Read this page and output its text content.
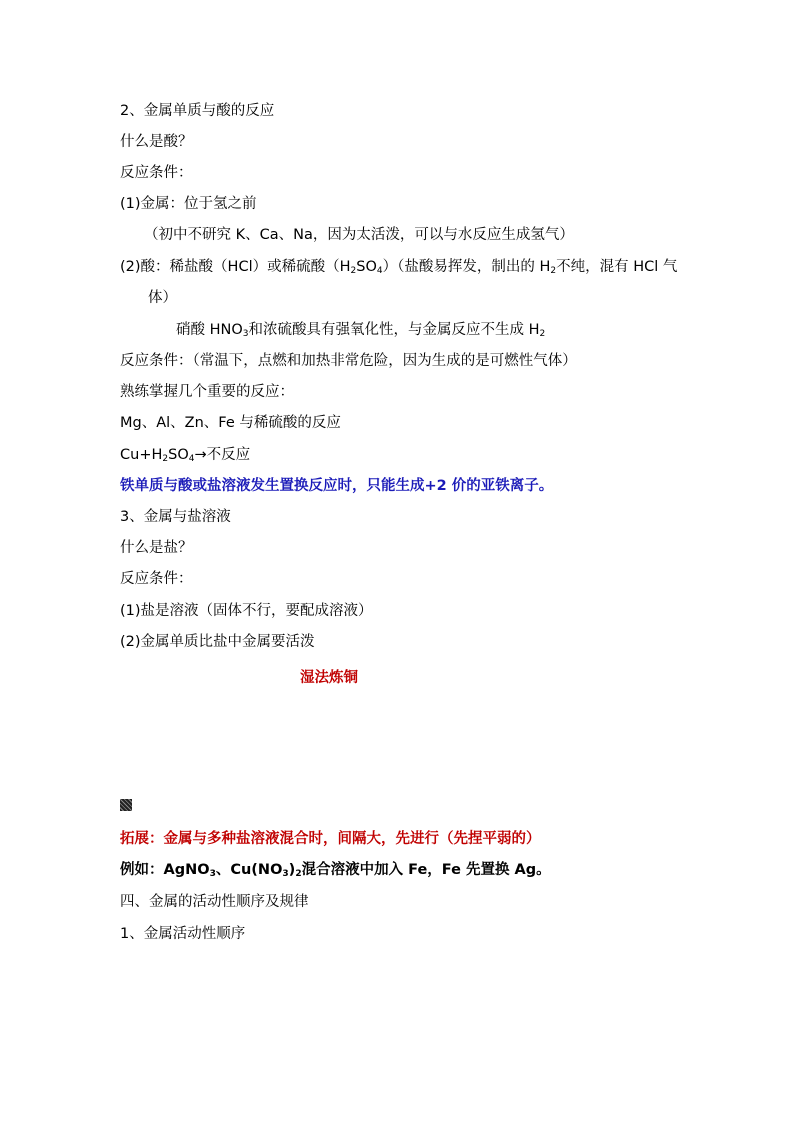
2、金属单质与酸的反应
什么是酸？
反应条件：
(1)金属：位于氢之前
（初中不研究 K、Ca、Na，因为太活泼，可以与水反应生成氢气）
(2)酸：稀盐酸（HCl）或稀硫酸$(H_2SO_4)$（盐酸易挥发，制出的 $H_2$不纯，混有 HCl 气
体）
硝酸 $HNO_3$和浓硫酸具有强氧化性，与金属反应不生成 $H_2$
反应条件：（常温下，点燃和加热非常危险，因为生成的是可燃性气体）
熟练掌握几个重要的反应：
Mg、Al、Zn、Fe 与稀硫酸的反应
$Cu+H_2SO_4\to$不反应
铁单质与酸或盐溶液发生置换反应时，只能生成+2 价的亚铁离子。
3、金属与盐溶液
什么是盐？
反应条件：
(1)盐是溶液（固体不行，要配成溶液）
(2)金属单质比盐中金属要活泼
湿法炼铜
拓展：金属与多种盐溶液混合时，间隔大，先进行（先捏平弱的）
例如：AgNO$_3$、$Cu(NO_3)_2$混合溶液中加入 Fe，Fe 先置换 Ag。
四、金属的活动性顺序及规律
1、金属活动性顺序
